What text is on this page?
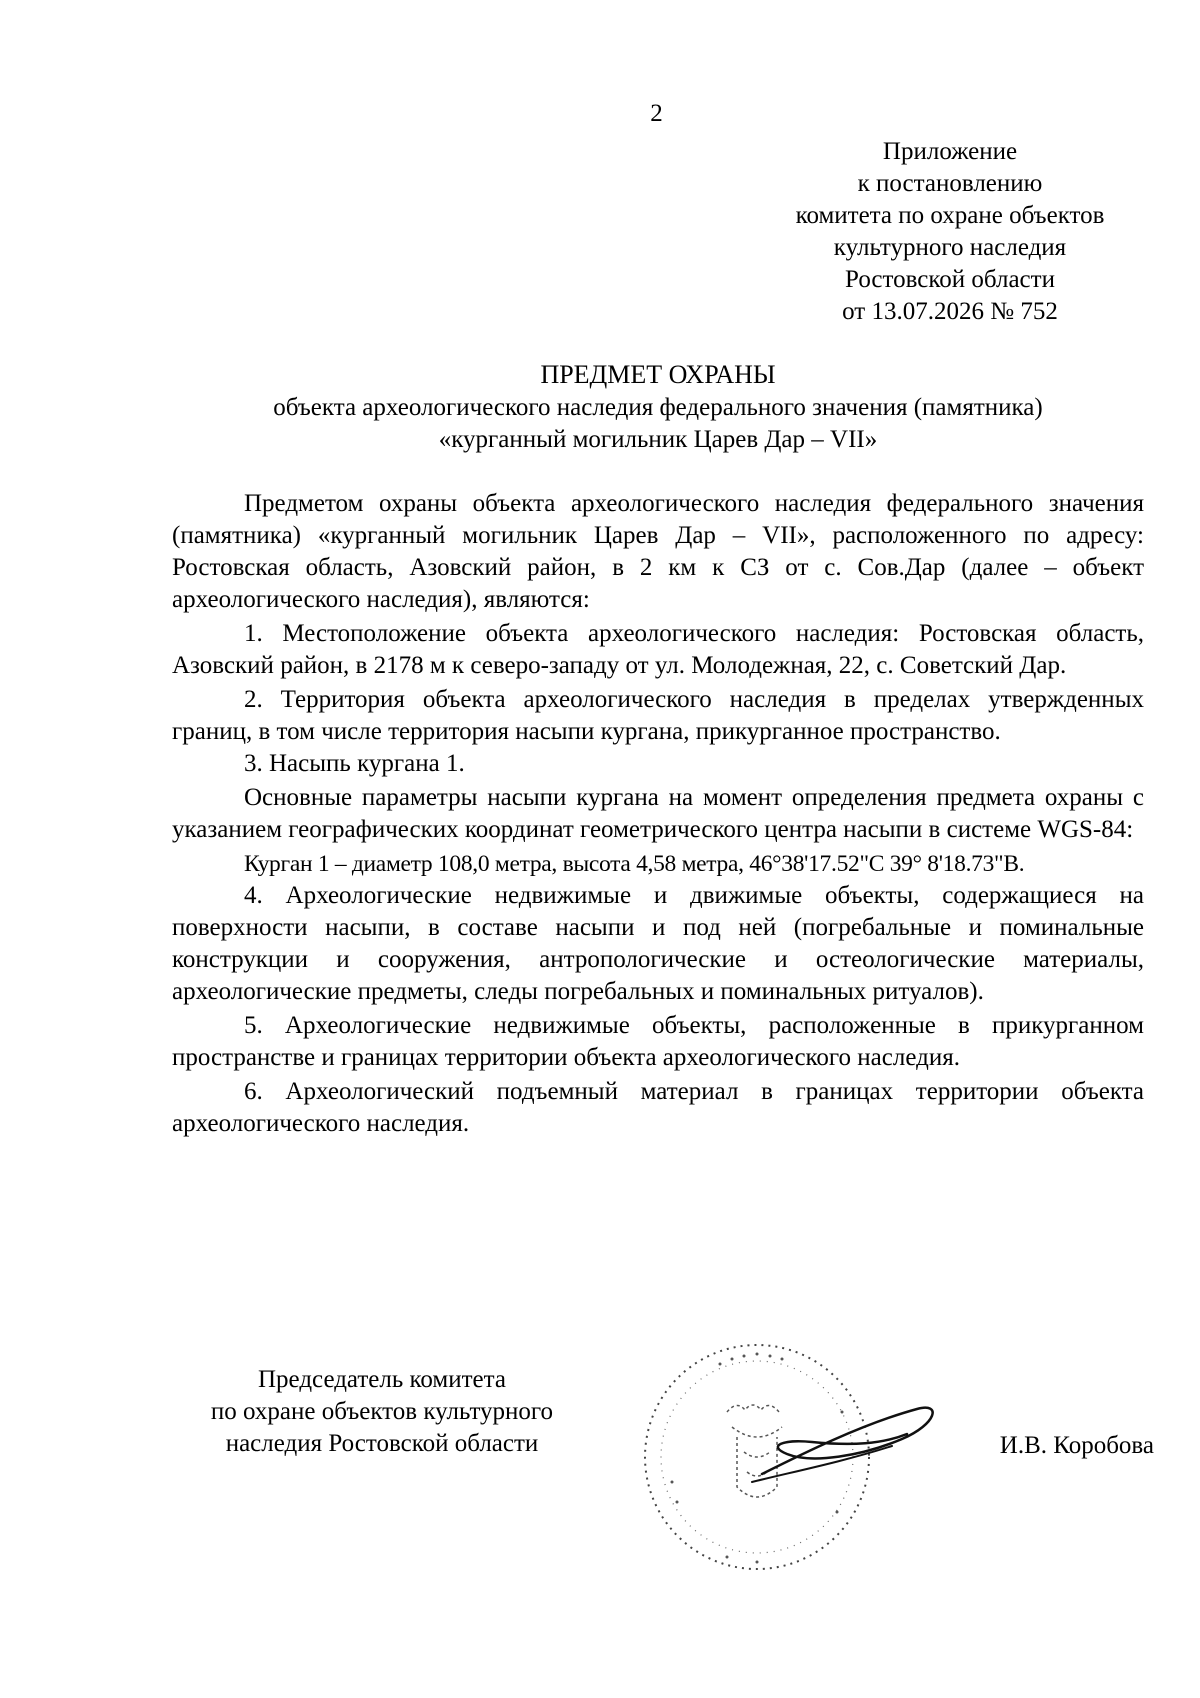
2
Приложение
к постановлению
комитета по охране объектов
культурного наследия
Ростовской области
от 13.07.2026 № 752
ПРЕДМЕТ ОХРАНЫ
объекта археологического наследия федерального значения (памятника)
«курганный могильник Царев Дар – VII»

Предметом охраны объекта археологического наследия федерального значения (памятника) «курганный могильник Царев Дар – VII», расположенного по адресу: Ростовская область, Азовский район, в 2 км к СЗ от с. Сов.Дар (далее – объект археологического наследия), являются:

1. Местоположение объекта археологического наследия: Ростовская область, Азовский район, в 2178 м к северо-западу от ул. Молодежная, 22, с. Советский Дар.

2. Территория объекта археологического наследия в пределах утвержденных границ, в том числе территория насыпи кургана, прикурганное пространство.

3. Насыпь кургана 1.

Основные параметры насыпи кургана на момент определения предмета охраны с указанием географических координат геометрического центра насыпи в системе WGS-84:

Курган 1 – диаметр 108,0 метра, высота 4,58 метра, 46°38'17.52"С 39° 8'18.73"В.

4. Археологические недвижимые и движимые объекты, содержащиеся на поверхности насыпи, в составе насыпи и под ней (погребальные и поминальные конструкции и сооружения, антропологические и остеологические материалы, археологические предметы, следы погребальных и поминальных ритуалов).

5. Археологические недвижимые объекты, расположенные в прикурганном пространстве и границах территории объекта археологического наследия.

6. Археологический подъемный материал в границах территории объекта археологического наследия.

Председатель комитета
по охране объектов культурного
наследия Ростовской области	И.В. Коробова
